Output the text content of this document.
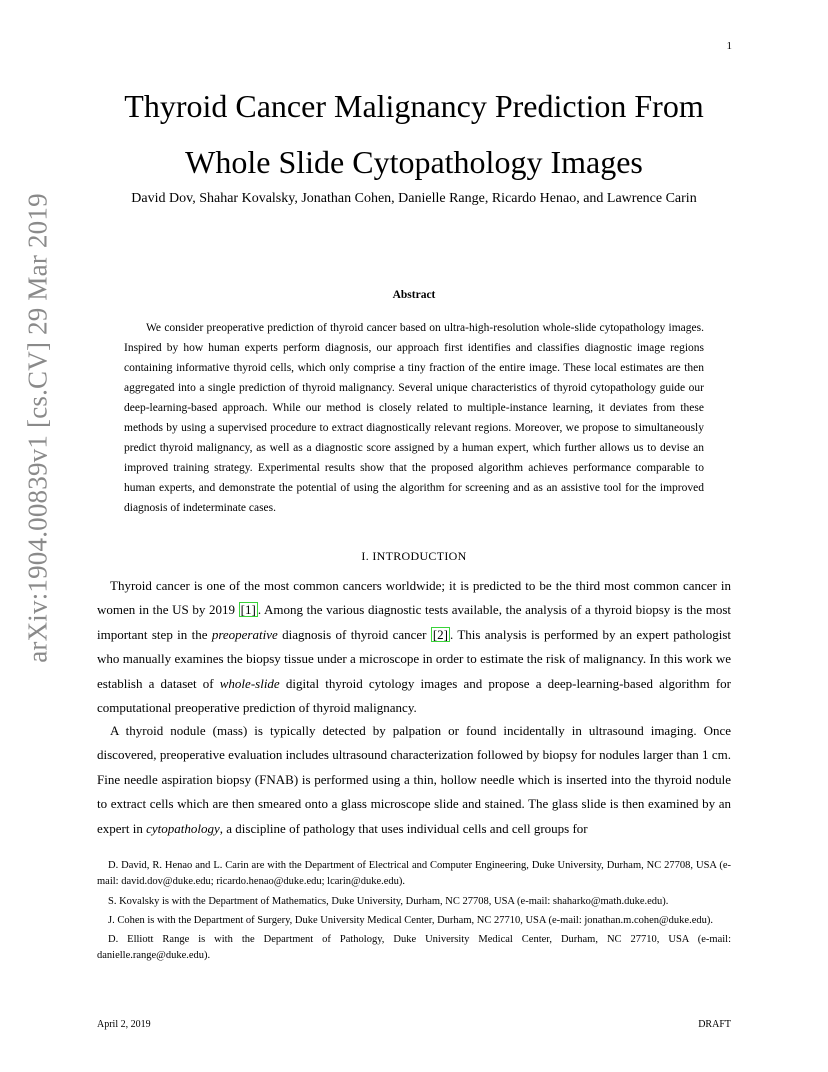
1
arXiv:1904.00839v1 [cs.CV] 29 Mar 2019
Thyroid Cancer Malignancy Prediction From
Whole Slide Cytopathology Images
David Dov, Shahar Kovalsky, Jonathan Cohen, Danielle Range, Ricardo Henao, and Lawrence Carin
Abstract
We consider preoperative prediction of thyroid cancer based on ultra-high-resolution whole-slide cytopathology images. Inspired by how human experts perform diagnosis, our approach first identifies and classifies diagnostic image regions containing informative thyroid cells, which only comprise a tiny fraction of the entire image. These local estimates are then aggregated into a single prediction of thyroid malignancy. Several unique characteristics of thyroid cytopathology guide our deep-learning-based approach. While our method is closely related to multiple-instance learning, it deviates from these methods by using a supervised procedure to extract diagnostically relevant regions. Moreover, we propose to simultaneously predict thyroid malignancy, as well as a diagnostic score assigned by a human expert, which further allows us to devise an improved training strategy. Experimental results show that the proposed algorithm achieves performance comparable to human experts, and demonstrate the potential of using the algorithm for screening and as an assistive tool for the improved diagnosis of indeterminate cases.
I. INTRODUCTION
Thyroid cancer is one of the most common cancers worldwide; it is predicted to be the third most common cancer in women in the US by 2019 [1] . Among the various diagnostic tests available, the analysis of a thyroid biopsy is the most important step in the preoperative diagnosis of thyroid cancer [2] . This analysis is performed by an expert pathologist who manually examines the biopsy tissue under a microscope in order to estimate the risk of malignancy. In this work we establish a dataset of whole-slide digital thyroid cytology images and propose a deep-learning-based algorithm for computational preoperative prediction of thyroid malignancy.
A thyroid nodule (mass) is typically detected by palpation or found incidentally in ultrasound imaging. Once discovered, preoperative evaluation includes ultrasound characterization followed by biopsy for nodules larger than 1 cm. Fine needle aspiration biopsy (FNAB) is performed using a thin, hollow needle which is inserted into the thyroid nodule to extract cells which are then smeared onto a glass microscope slide and stained. The glass slide is then examined by an expert in cytopathology, a discipline of pathology that uses individual cells and cell groups for
D. David, R. Henao and L. Carin are with the Department of Electrical and Computer Engineering, Duke University, Durham, NC 27708, USA (e-mail: david.dov@duke.edu; ricardo.henao@duke.edu; lcarin@duke.edu).
S. Kovalsky is with the Department of Mathematics, Duke University, Durham, NC 27708, USA (e-mail: shaharko@math.duke.edu).
J. Cohen is with the Department of Surgery, Duke University Medical Center, Durham, NC 27710, USA (e-mail: jonathan.m.cohen@duke.edu).
D. Elliott Range is with the Department of Pathology, Duke University Medical Center, Durham, NC 27710, USA (e-mail: danielle.range@duke.edu).
April 2, 2019	DRAFT
